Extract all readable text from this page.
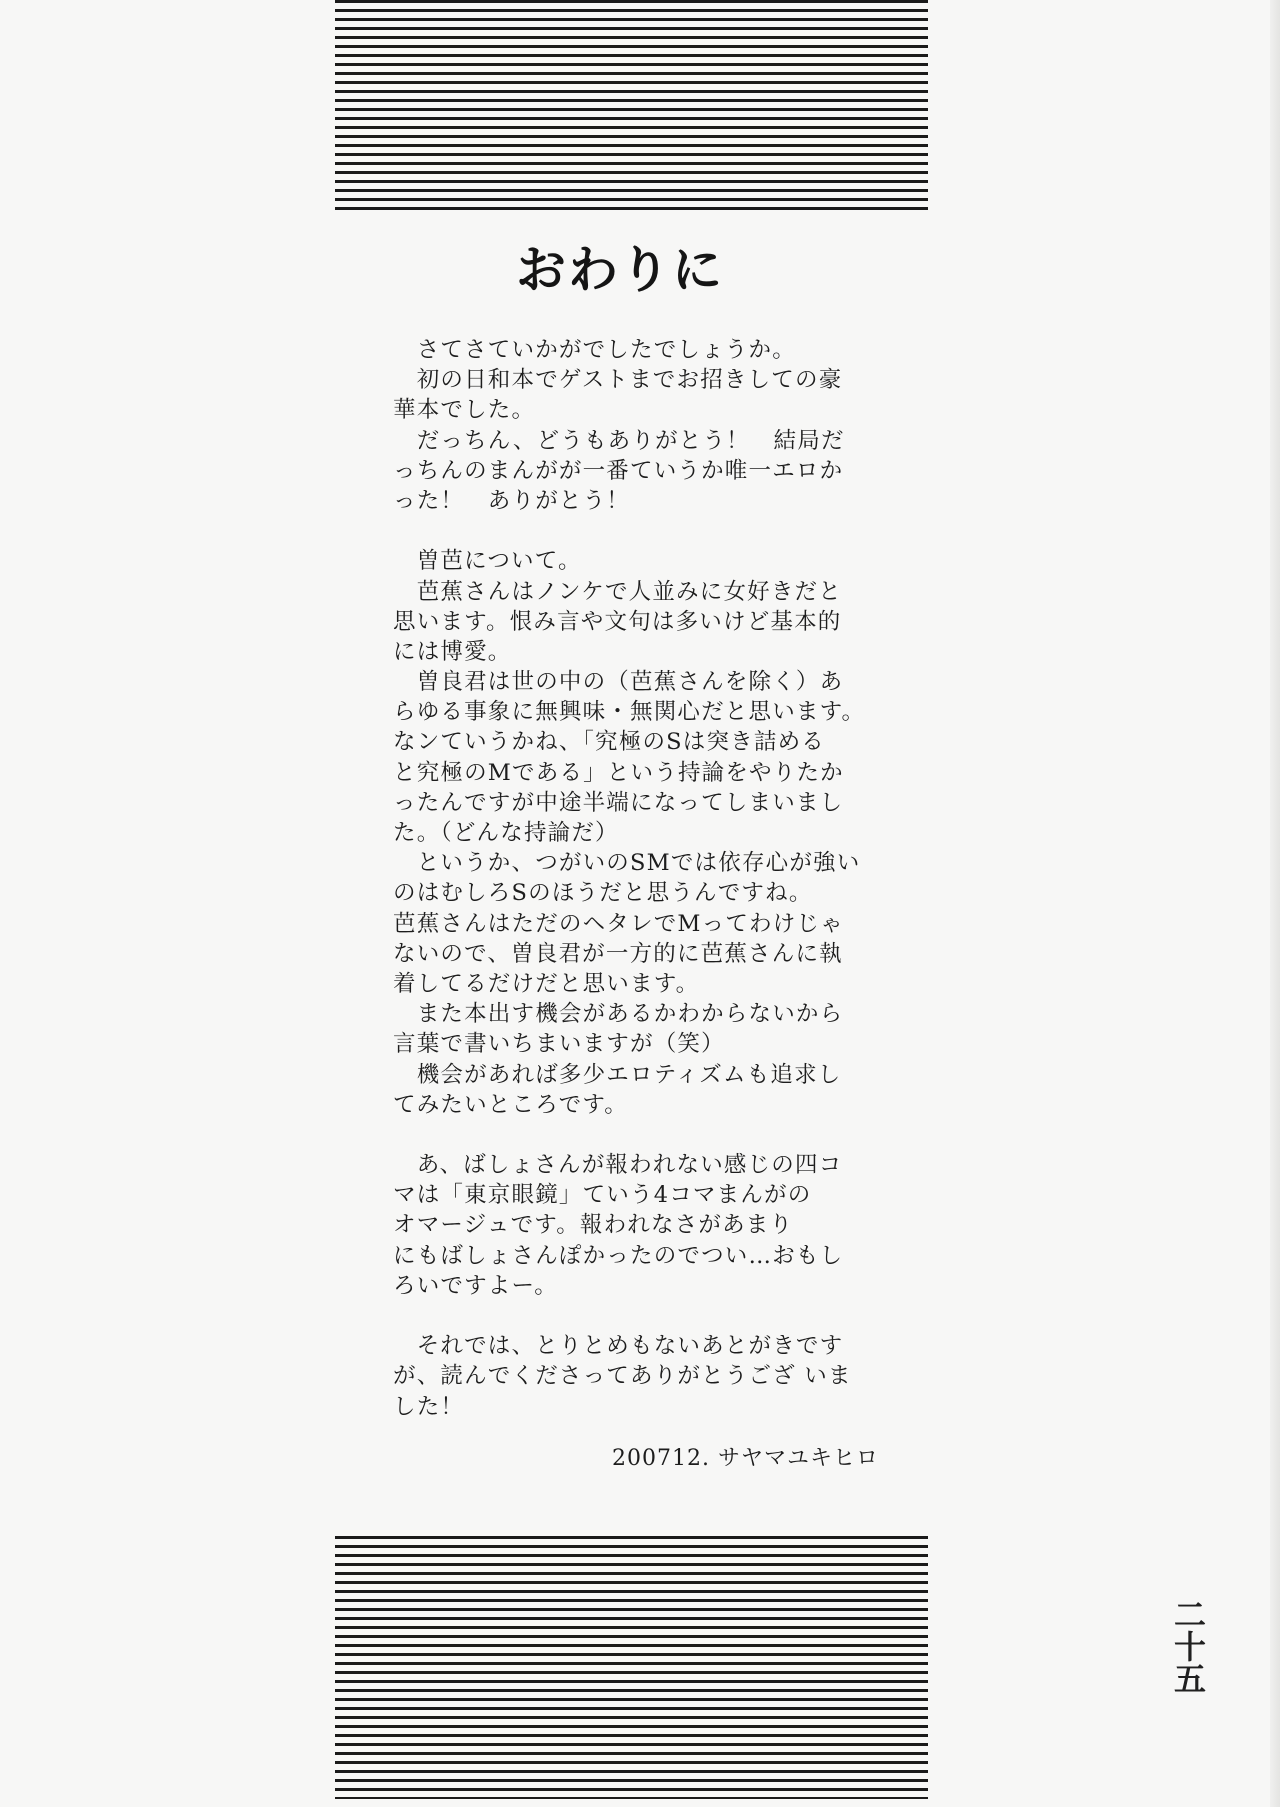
おわりに
　さてさていかがでしたでしょうか。
　初の日和本でゲストまでお招きしての豪
華本でした。
　だっちん、どうもありがとう！　結局だ
っちんのまんがが一番ていうか唯一エロか
った！　ありがとう！
　曽芭について。
　芭蕉さんはノンケで人並みに女好きだと
思います。恨み言や文句は多いけど基本的
には博愛。
　曽良君は世の中の（芭蕉さんを除く）あ
らゆる事象に無興味・無関心だと思います。
なンていうかね、「究極のSは突き詰める
と究極のMである」という持論をやりたか
ったんですが中途半端になってしまいまし
た。（どんな持論だ）
　というか、つがいのSMでは依存心が強い
のはむしろSのほうだと思うんですね。
芭蕉さんはただのヘタレでMってわけじゃ
ないので、曽良君が一方的に芭蕉さんに執
着してるだけだと思います。
　また本出す機会があるかわからないから
言葉で書いちまいますが（笑）
　機会があれば多少エロティズムも追求し
てみたいところです。
　あ、ばしょさんが報われない感じの四コ
マは「東京眼鏡」ていう4コマまんがの
オマージュです。報われなさがあまり
にもばしょさんぽかったのでつい…おもし
ろいですよー。
　それでは、とりとめもないあとがきです
が、読んでくださってありがとうござ いま
した！
200712. サヤマユキヒロ
二十五
